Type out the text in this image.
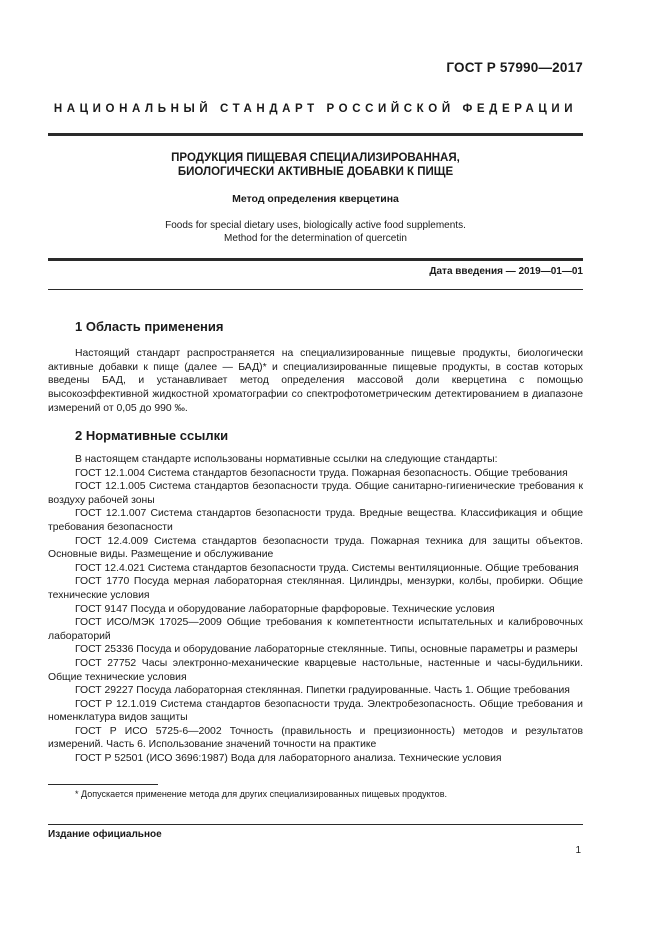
ГОСТ Р 57990—2017
НАЦИОНАЛЬНЫЙ СТАНДАРТ РОССИЙСКОЙ ФЕДЕРАЦИИ
ПРОДУКЦИЯ ПИЩЕВАЯ СПЕЦИАЛИЗИРОВАННАЯ,
БИОЛОГИЧЕСКИ АКТИВНЫЕ ДОБАВКИ К ПИЩЕ
Метод определения кверцетина
Foods for special dietary uses, biologically active food supplements.
Method for the determination of quercetin
Дата введения — 2019—01—01
1 Область применения
Настоящий стандарт распространяется на специализированные пищевые продукты, биологически активные добавки к пище (далее — БАД)* и специализированные пищевые продукты, в состав которых введены БАД, и устанавливает метод определения массовой доли кверцетина с помощью высокоэффективной жидкостной хроматографии со спектрофотометрическим детектированием в диапазоне измерений от 0,05 до 990 ‰.
2 Нормативные ссылки
В настоящем стандарте использованы нормативные ссылки на следующие стандарты:
ГОСТ 12.1.004 Система стандартов безопасности труда. Пожарная безопасность. Общие требования
ГОСТ 12.1.005 Система стандартов безопасности труда. Общие санитарно-гигиенические требования к воздуху рабочей зоны
ГОСТ 12.1.007 Система стандартов безопасности труда. Вредные вещества. Классификация и общие требования безопасности
ГОСТ 12.4.009 Система стандартов безопасности труда. Пожарная техника для защиты объектов. Основные виды. Размещение и обслуживание
ГОСТ 12.4.021 Система стандартов безопасности труда. Системы вентиляционные. Общие требования
ГОСТ 1770 Посуда мерная лабораторная стеклянная. Цилиндры, мензурки, колбы, пробирки. Общие технические условия
ГОСТ 9147 Посуда и оборудование лабораторные фарфоровые. Технические условия
ГОСТ ИСО/МЭК 17025—2009 Общие требования к компетентности испытательных и калибровочных лабораторий
ГОСТ 25336 Посуда и оборудование лабораторные стеклянные. Типы, основные параметры и размеры
ГОСТ 27752 Часы электронно-механические кварцевые настольные, настенные и часы-будильники. Общие технические условия
ГОСТ 29227 Посуда лабораторная стеклянная. Пипетки градуированные. Часть 1. Общие требования
ГОСТ Р 12.1.019 Система стандартов безопасности труда. Электробезопасность. Общие требования и номенклатура видов защиты
ГОСТ Р ИСО 5725-6—2002 Точность (правильность и прецизионность) методов и результатов измерений. Часть 6. Использование значений точности на практике
ГОСТ Р 52501 (ИСО 3696:1987) Вода для лабораторного анализа. Технические условия
* Допускается применение метода для других специализированных пищевых продуктов.
Издание официальное
1
